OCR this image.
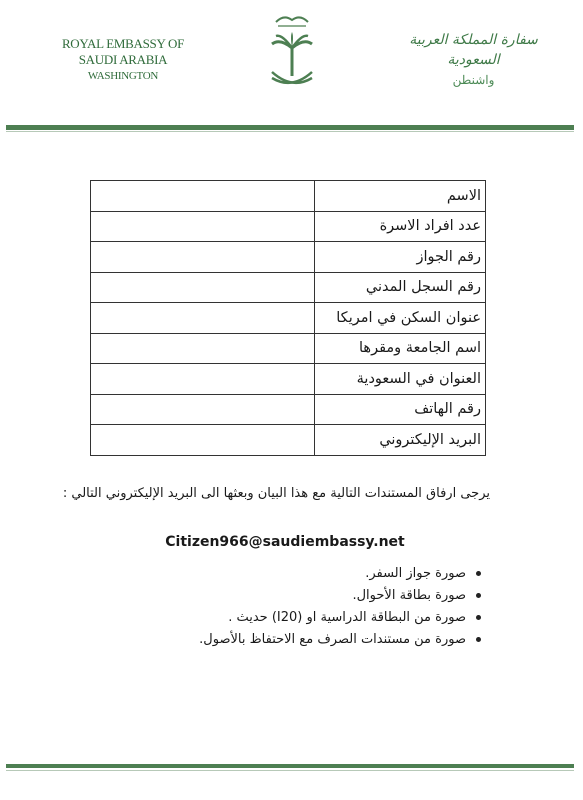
ROYAL EMBASSY OF SAUDI ARABIA
WASHINGTON
سفارة المملكة العربية السعودية
واشنطن
الاسم	
عدد افراد الاسرة	
رقم الجواز	
رقم السجل المدني	
عنوان السكن في امريكا	
اسم الجامعة ومقرها	
العنوان في السعودية	
رقم الهاتف	
البريد الإليكتروني	
يرجى ارفاق المستندات التالية مع هذا البيان وبعثها الى البريد الإليكتروني التالي :
Citizen966@saudiembassy.net
صورة جواز السفر.
صورة بطاقة الأحوال.
صورة من البطاقة الدراسية او (I20) حديث .
صورة من مستندات الصرف مع الاحتفاظ بالأصول.
